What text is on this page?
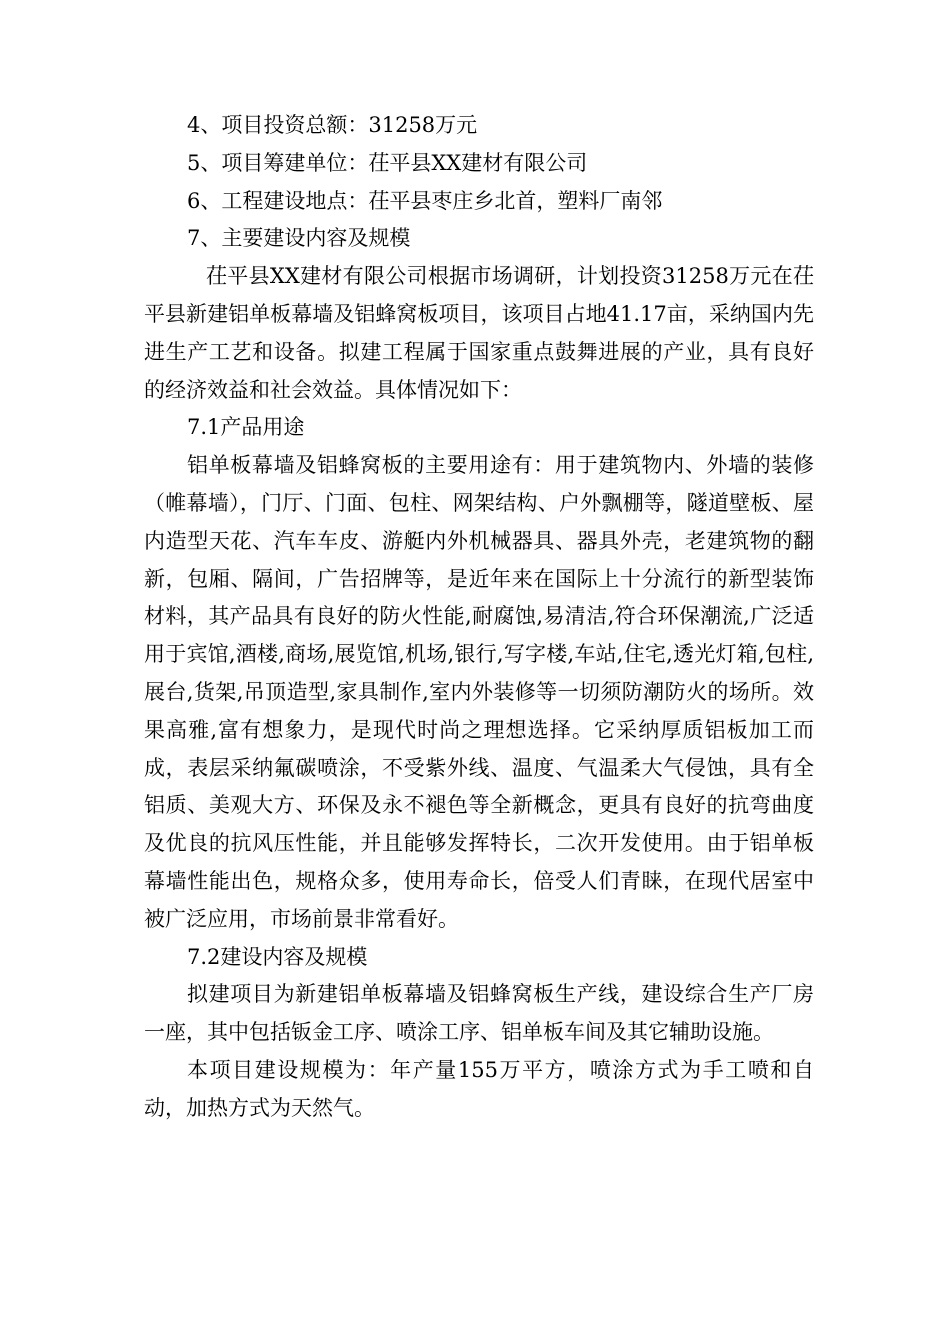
4、项目投资总额：31258万元

5、项目筹建单位：茌平县XX建材有限公司

6、工程建设地点：茌平县枣庄乡北首，塑料厂南邻

7、主要建设内容及规模

茌平县XX建材有限公司根据市场调研，计划投资31258万元在茌平县新建铝单板幕墙及铝蜂窝板项目，该项目占地41.17亩，采纳国内先进生产工艺和设备。拟建工程属于国家重点鼓舞进展的产业，具有良好的经济效益和社会效益。具体情况如下：

7.1产品用途

铝单板幕墙及铝蜂窝板的主要用途有：用于建筑物内、外墙的装修（帷幕墙），门厅、门面、包柱、网架结构、户外飘棚等，隧道壁板、屋内造型天花、汽车车皮、游艇内外机械器具、器具外壳，老建筑物的翻新，包厢、隔间，广告招牌等，是近年来在国际上十分流行的新型装饰材料，其产品具有良好的防火性能,耐腐蚀,易清洁,符合环保潮流,广泛适用于宾馆,酒楼,商场,展览馆,机场,银行,写字楼,车站,住宅,透光灯箱,包柱,展台,货架,吊顶造型,家具制作,室内外装修等一切须防潮防火的场所。效果高雅,富有想象力，是现代时尚之理想选择。它采纳厚质铝板加工而成，表层采纳氟碳喷涂，不受紫外线、温度、气温柔大气侵蚀，具有全铝质、美观大方、环保及永不褪色等全新概念，更具有良好的抗弯曲度及优良的抗风压性能，并且能够发挥特长，二次开发使用。由于铝单板幕墙性能出色，规格众多，使用寿命长，倍受人们青睐，在现代居室中被广泛应用，市场前景非常看好。

7.2建设内容及规模

拟建项目为新建铝单板幕墙及铝蜂窝板生产线，建设综合生产厂房一座，其中包括钣金工序、喷涂工序、铝单板车间及其它辅助设施。

本项目建设规模为：年产量155万平方，喷涂方式为手工喷和自动，加热方式为天然气。
